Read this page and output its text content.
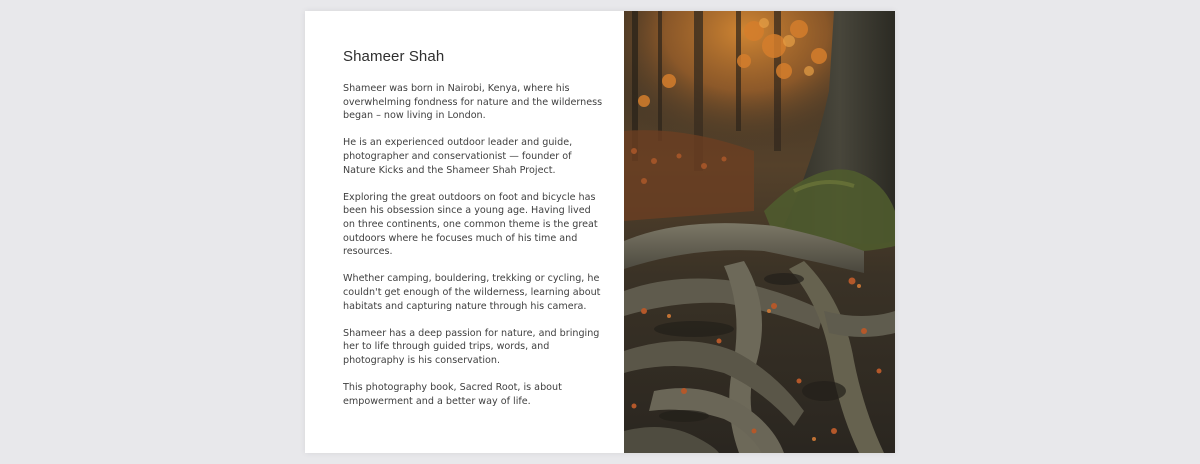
Shameer Shah

Shameer was born in Nairobi, Kenya, where his overwhelming fondness for nature and the wilderness began – now living in London.

He is an experienced outdoor leader and guide, photographer and conservationist — founder of Nature Kicks and the Shameer Shah Project.

Exploring the great outdoors on foot and bicycle has been his obsession since a young age. Having lived on three continents, one common theme is the great outdoors where he focuses much of his time and resources.

Whether camping, bouldering, trekking or cycling, he couldn't get enough of the wilderness, learning about habitats and capturing nature through his camera.

Shameer has a deep passion for nature, and bringing her to life through guided trips, words, and photography is his conservation.

This photography book, Sacred Root, is about empowerment and a better way of life.
